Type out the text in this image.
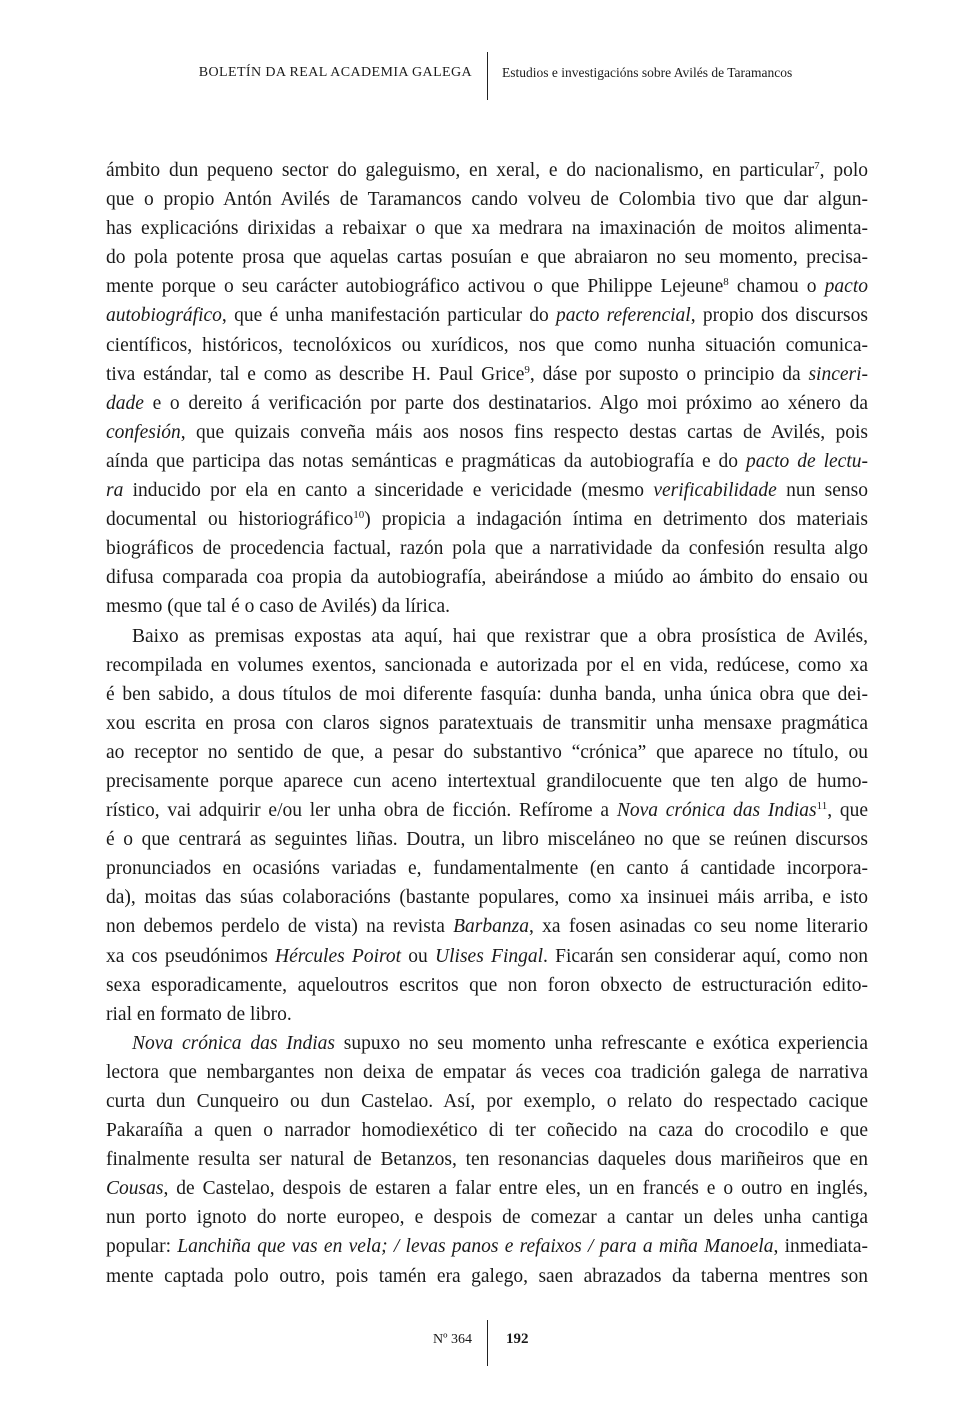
BOLETÍN DA REAL ACADEMIA GALEGA Estudios e investigacións sobre Avilés de Taramancos
ámbito dun pequeno sector do galeguismo, en xeral, e do nacionalismo, en particular$^7$, polo
que o propio Antón Avilés de Taramancos cando volveu de Colombia tivo que dar algun-
has explicacións dirixidas a rebaixar o que xa medrara na imaxinación de moitos alimenta-
do pola potente prosa que aquelas cartas posuían e que abraiaron no seu momento, precisa-
mente porque o seu carácter autobiográfico activou o que Philippe Lejeune$^8$ chamou o pacto
autobiográfico, que é unha manifestación particular do pacto referencial, propio dos discursos
científicos, históricos, tecnolóxicos ou xurídicos, nos que como nunha situación comunica-
tiva estándar, tal e como as describe H. Paul Grice$^9$, dáse por suposto o principio da sinceri-
dade e o dereito á verificación por parte dos destinatarios. Algo moi próximo ao xénero da
confesión, que quizais conveña máis aos nosos fins respecto destas cartas de Avilés, pois
aínda que participa das notas semánticas e pragmáticas da autobiografía e do pacto de lectu-
ra inducido por ela en canto a sinceridade e vericidade (mesmo verificabilidade nun senso
documental ou historiográfico$^{10}$) propicia a indagación íntima en detrimento dos materiais
biográficos de procedencia factual, razón pola que a narratividade da confesión resulta algo
difusa comparada coa propia da autobiografía, abeirándose a miúdo ao ámbito do ensaio ou
mesmo (que tal é o caso de Avilés) da lírica.
Baixo as premisas expostas ata aquí, hai que rexistrar que a obra prosística de Avilés,
recompilada en volumes exentos, sancionada e autorizada por el en vida, redúcese, como xa
é ben sabido, a dous títulos de moi diferente fasquía: dunha banda, unha única obra que dei-
xou escrita en prosa con claros signos paratextuais de transmitir unha mensaxe pragmática
ao receptor no sentido de que, a pesar do substantivo “crónica” que aparece no título, ou
precisamente porque aparece cun aceno intertextual grandilocuente que ten algo de humo-
rístico, vai adquirir e/ou ler unha obra de ficción. Refírome a Nova crónica das Indias$^{11}$, que
é o que centrará as seguintes liñas. Doutra, un libro misceláneo no que se reúnen discursos
pronunciados en ocasións variadas e, fundamentalmente (en canto á cantidade incorpora-
da), moitas das súas colaboracións (bastante populares, como xa insinuei máis arriba, e isto
non debemos perdelo de vista) na revista Barbanza, xa fosen asinadas co seu nome literario
xa cos pseudónimos Hércules Poirot ou Ulises Fingal. Ficarán sen considerar aquí, como non
sexa esporadicamente, aqueloutros escritos que non foron obxecto de estructuración edito-
rial en formato de libro.
Nova crónica das Indias supuxo no seu momento unha refrescante e exótica experiencia
lectora que nembargantes non deixa de empatar ás veces coa tradición galega de narrativa
curta dun Cunqueiro ou dun Castelao. Así, por exemplo, o relato do respectado cacique
Pakaraíña a quen o narrador homodiexético di ter coñecido na caza do crocodilo e que
finalmente resulta ser natural de Betanzos, ten resonancias daqueles dous mariñeiros que en
Cousas, de Castelao, despois de estaren a falar entre eles, un en francés e o outro en inglés,
nun porto ignoto do norte europeo, e despois de comezar a cantar un deles unha cantiga
popular: Lanchiña que vas en vela; / levas panos e refaixos / para a miña Manoela, inmediata-
mente captada polo outro, pois tamén era galego, saen abrazados da taberna mentres son
Nº 364 192
